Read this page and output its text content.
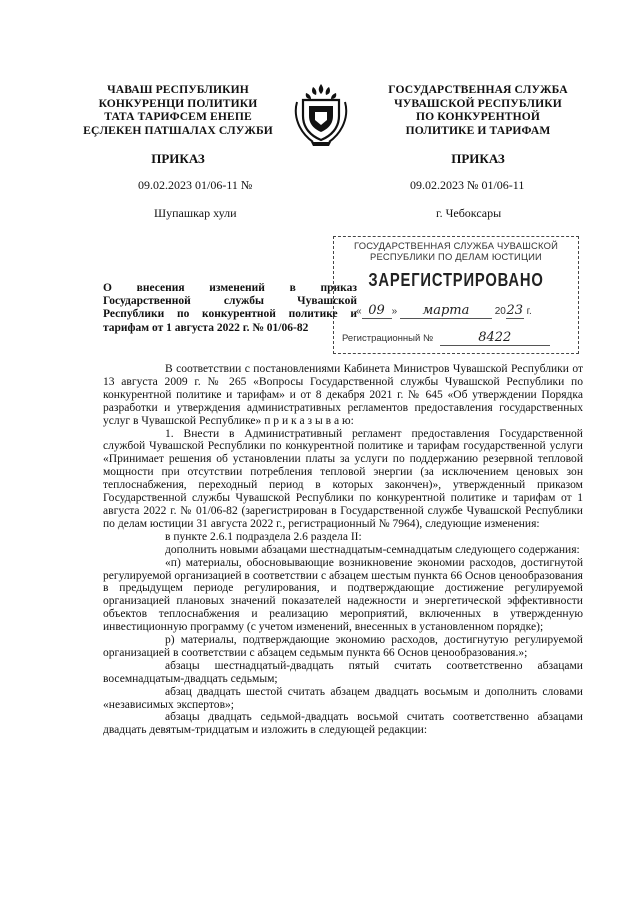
ЧАВАШ РЕСПУБЛИКИН
КОНКУРЕНЦИ ПОЛИТИКИ
ТАТА ТАРИФСЕМ ЕНЕПЕ
ЕҪЛЕКЕН ПАТШАЛАХ СЛУЖБИ
ПРИКАЗ
09.02.2023 01/06-11 №
Шупашкар хули
ГОСУДАРСТВЕННАЯ СЛУЖБА
ЧУВАШСКОЙ РЕСПУБЛИКИ
ПО КОНКУРЕНТНОЙ
ПОЛИТИКЕ И ТАРИФАМ
ПРИКАЗ
09.02.2023 № 01/06-11
г. Чебоксары
ГОСУДАРСТВЕННАЯ СЛУЖБА ЧУВАШСКОЙ
РЕСПУБЛИКИ ПО ДЕЛАМ ЮСТИЦИИ
ЗАРЕГИСТРИРОВАНО
« 09 » марта	2023 г.
Регистрационный №	8422
О внесения изменений в приказ
Государственной службы Чувашской
Республики по конкурентной политике и
тарифам от 1 августа 2022 г. № 01/06-82

В соответствии с постановлениями Кабинета Министров Чувашской Республики от 13 августа 2009 г. № 265 «Вопросы Государственной службы Чувашской Республики по конкурентной политике и тарифам» и от 8 декабря 2021 г. № 645 «Об утверждении Порядка разработки и утверждения административных регламентов предоставления государственных услуг в Чувашской Республике» п р и к а з ы в а ю:

1. Внести в Административный регламент предоставления Государственной службой Чувашской Республики по конкурентной политике и тарифам государственной услуги «Принимает решения об установлении платы за услуги по поддержанию резервной тепловой мощности при отсутствии потребления тепловой энергии (за исключением ценовых зон теплоснабжения, переходный период в которых закончен)», утвержденный приказом Государственной службы Чувашской Республики по конкурентной политике и тарифам от 1 августа 2022 г. № 01/06-82 (зарегистрирован в Государственной службе Чувашской Республики по делам юстиции 31 августа 2022 г., регистрационный № 7964), следующие изменения:

в пункте 2.6.1 подраздела 2.6 раздела II:

дополнить новыми абзацами шестнадцатым-семнадцатым следующего содержания:

«п) материалы, обосновывающие возникновение экономии расходов, достигнутой регулируемой организацией в соответствии с абзацем шестым пункта 66 Основ ценообразования в предыдущем периоде регулирования, и подтверждающие достижение регулируемой организацией плановых значений показателей надежности и энергетической эффективности объектов теплоснабжения и реализацию мероприятий, включенных в утвержденную инвестиционную программу (с учетом изменений, внесенных в установленном порядке);

р) материалы, подтверждающие экономию расходов, достигнутую регулируемой организацией в соответствии с абзацем седьмым пункта 66 Основ ценообразования.»;

абзацы шестнадцатый-двадцать пятый считать соответственно абзацами восемнадцатым-двадцать седьмым;

абзац двадцать шестой считать абзацем двадцать восьмым и дополнить словами «независимых экспертов»;

абзацы двадцать седьмой-двадцать восьмой считать соответственно абзацами двадцать девятым-тридцатым и изложить в следующей редакции:
